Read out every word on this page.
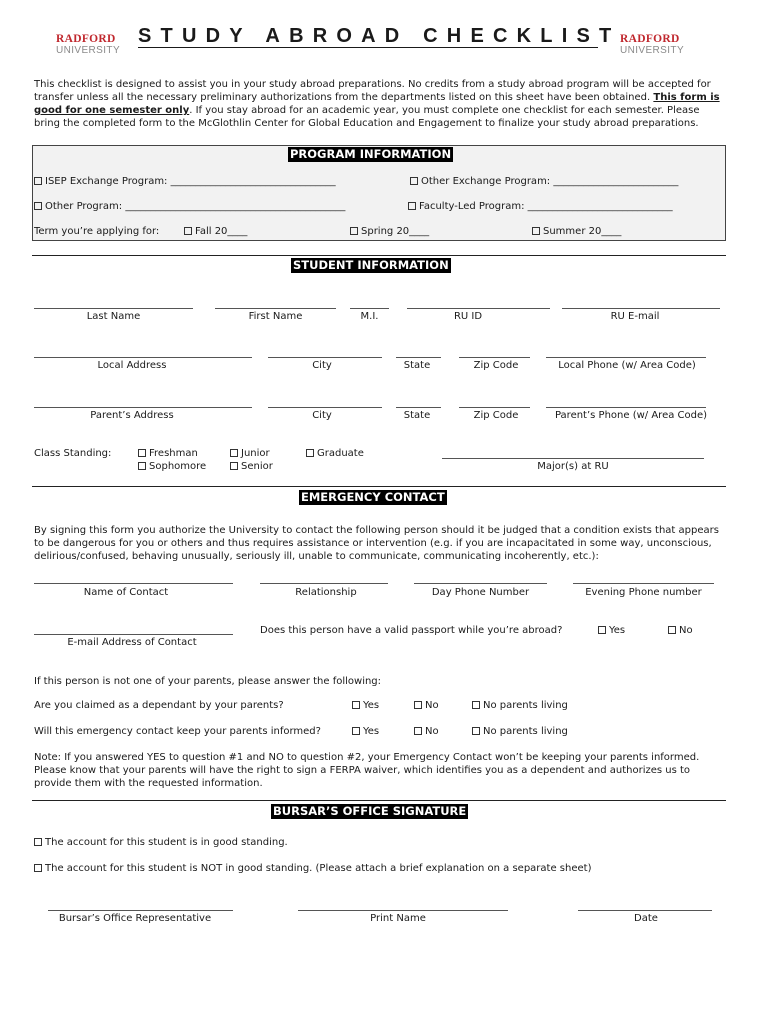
RADFORD
UNIVERSITY
STUDY ABROAD CHECKLIST RADFORD
UNIVERSITY
This checklist is designed to assist you in your study abroad preparations. No credits from a study abroad program will be accepted for transfer unless all the necessary preliminary authorizations from the departments listed on this sheet have been obtained. This form is good for one semester only. If you stay abroad for an academic year, you must complete one checklist for each semester. Please bring the completed form to the McGlothlin Center for Global Education and Engagement to finalize your study abroad preparations.
PROGRAM INFORMATION
ISEP Exchange Program: _________________________________	Other Exchange Program: _________________________
Other Program: ____________________________________________	Faculty-Led Program: _____________________________
Term you’re applying for:	Fall 20____	Spring 20____	Summer 20____
STUDENT INFORMATION
Last Name	First Name	M.I.	RU ID	RU E-mail
Local Address	City	State	Zip Code	Local Phone (w/ Area Code)
Parent’s Address	City	State	Zip Code	Parent’s Phone (w/ Area Code)
Class Standing:	Freshman
Sophomore
Junior
Senior
Graduate
Major(s) at RU
EMERGENCY CONTACT
By signing this form you authorize the University to contact the following person should it be judged that a condition exists that appears to be dangerous for you or others and thus requires assistance or intervention (e.g. if you are incapacitated in some way, unconscious, delirious/confused, behaving unusually, seriously ill, unable to communicate, communicating incoherently, etc.):
Name of Contact	Relationship	Day Phone Number	Evening Phone number
E-mail Address of Contact
Does this person have a valid passport while you’re abroad?	Yes	No
If this person is not one of your parents, please answer the following:
Are you claimed as a dependant by your parents?	Yes	No	No parents living
Will this emergency contact keep your parents informed?	Yes	No	No parents living
Note: If you answered YES to question #1 and NO to question #2, your Emergency Contact won’t be keeping your parents informed. Please know that your parents will have the right to sign a FERPA waiver, which identifies you as a dependent and authorizes us to provide them with the requested information.
BURSAR’S OFFICE SIGNATURE
The account for this student is in good standing.
The account for this student is NOT in good standing. (Please attach a brief explanation on a separate sheet)
Bursar’s Office Representative	Print Name	Date
